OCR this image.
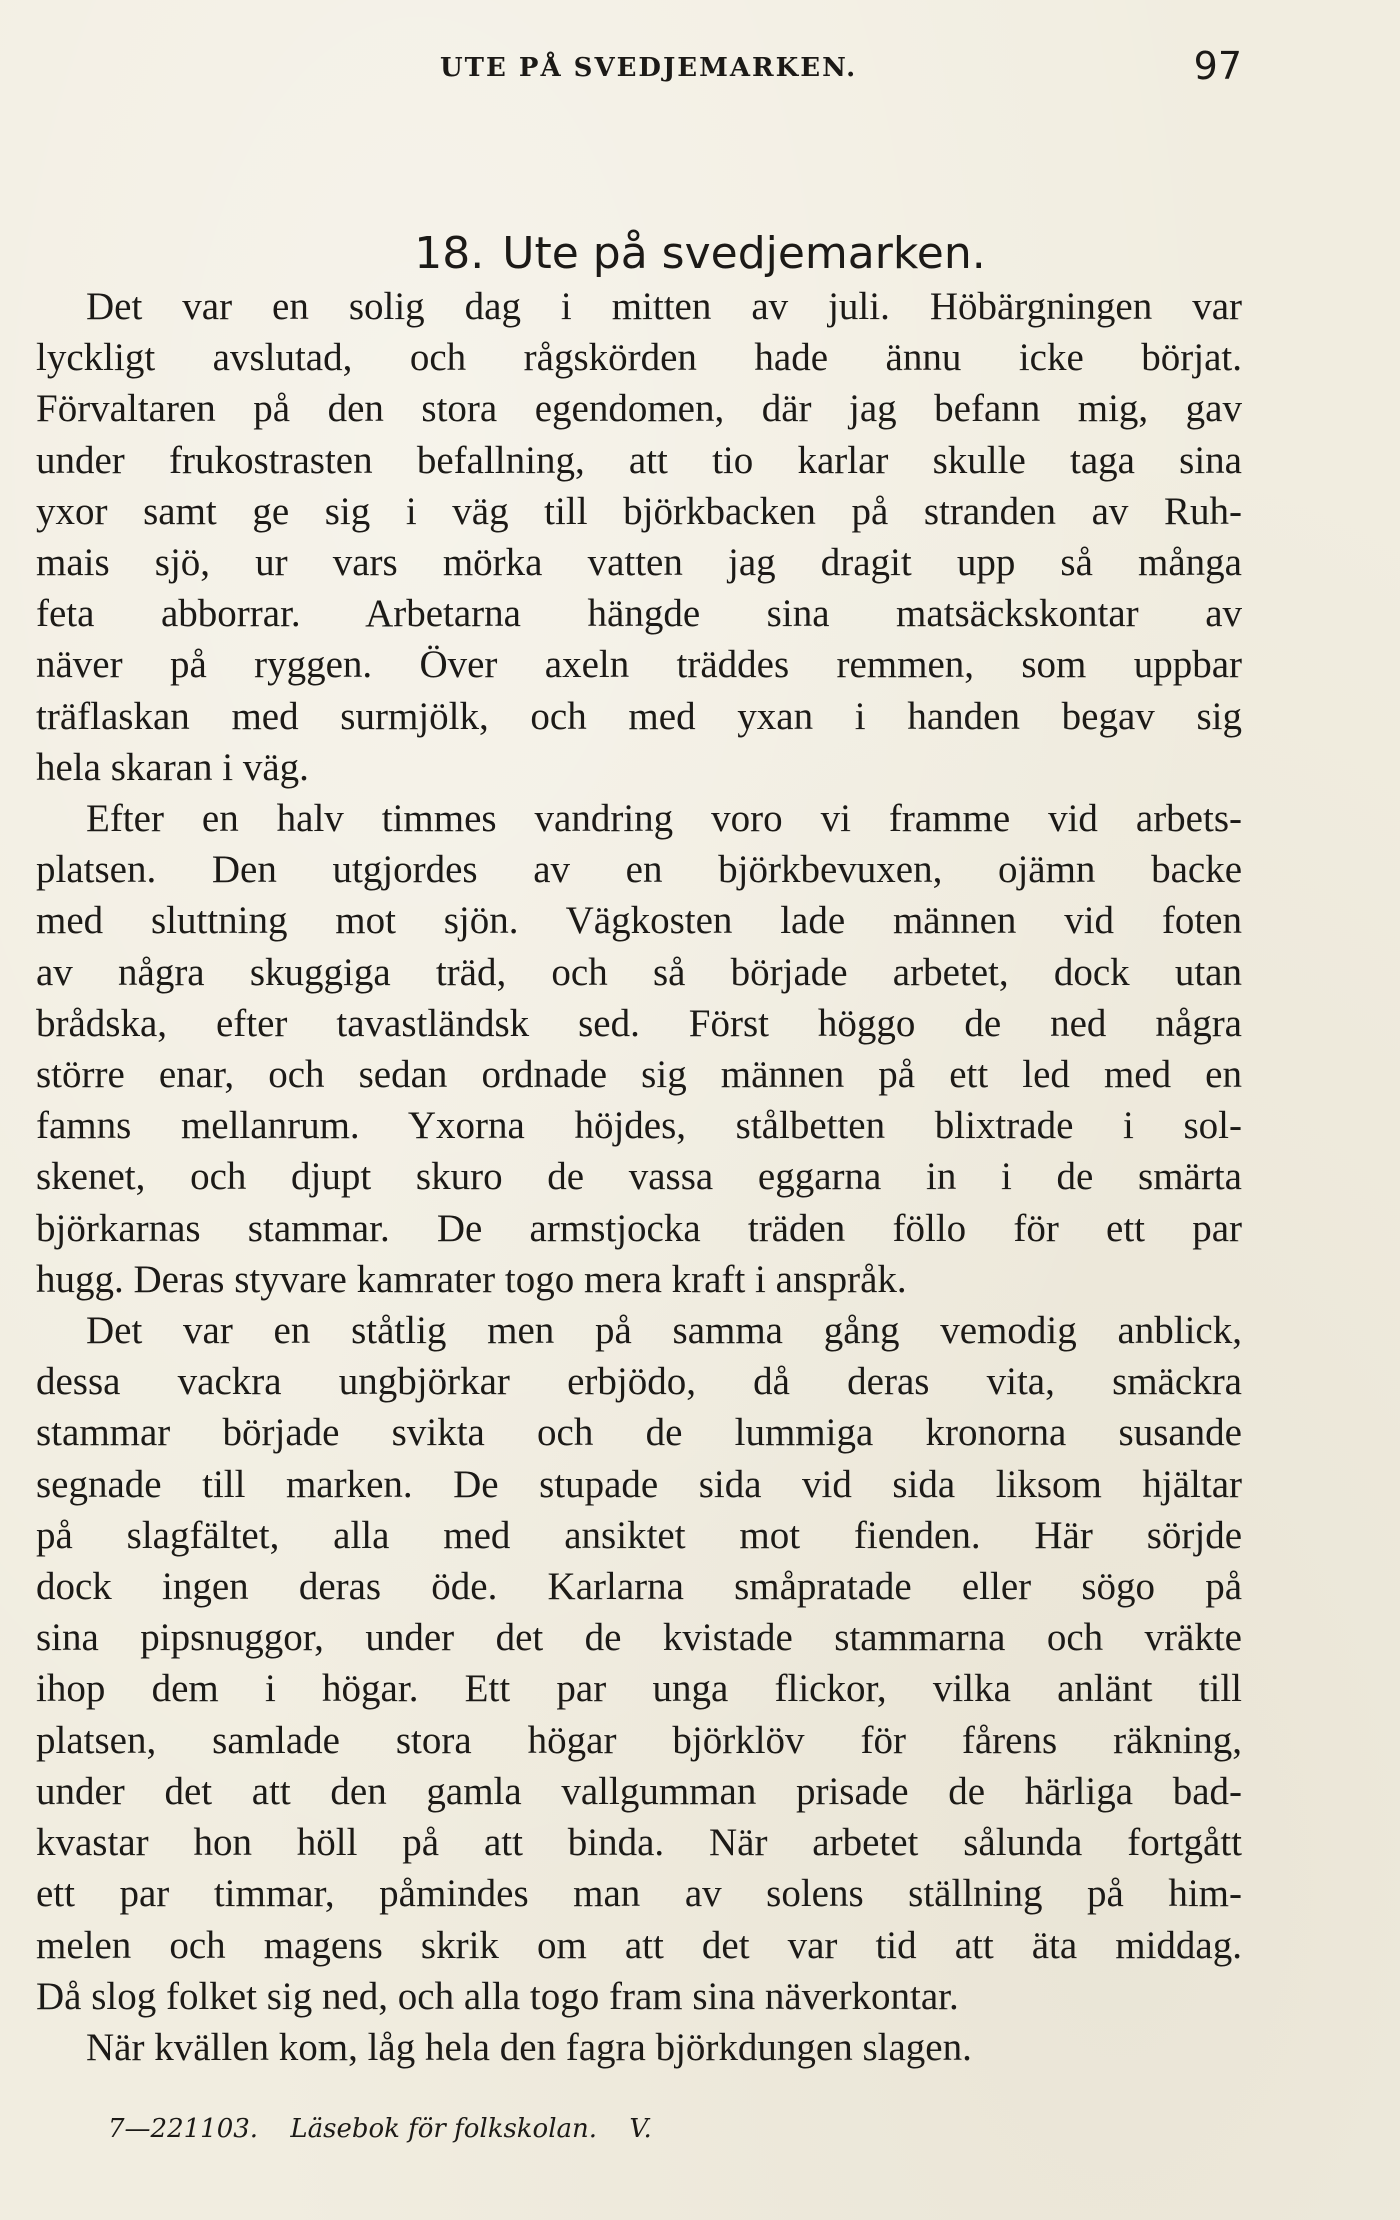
UTE PÅ SVEDJEMARKEN.	97
18. Ute på svedjemarken.
Det var en solig dag i mitten av juli. Höbärgningen var
lyckligt avslutad, och rågskörden hade ännu icke börjat.
Förvaltaren på den stora egendomen, där jag befann mig, gav
under frukostrasten befallning, att tio karlar skulle taga sina
yxor samt ge sig i väg till björkbacken på stranden av Ruh-
mais sjö, ur vars mörka vatten jag dragit upp så många
feta abborrar. Arbetarna hängde sina matsäckskontar av
näver på ryggen. Över axeln träddes remmen, som uppbar
träflaskan med surmjölk, och med yxan i handen begav sig
hela skaran i väg.
Efter en halv timmes vandring voro vi framme vid arbets-
platsen. Den utgjordes av en björkbevuxen, ojämn backe
med sluttning mot sjön. Vägkosten lade männen vid foten
av några skuggiga träd, och så började arbetet, dock utan
brådska, efter tavastländsk sed. Först höggo de ned några
större enar, och sedan ordnade sig männen på ett led med en
famns mellanrum. Yxorna höjdes, stålbetten blixtrade i sol-
skenet, och djupt skuro de vassa eggarna in i de smärta
björkarnas stammar. De armstjocka träden föllo för ett par
hugg. Deras styvare kamrater togo mera kraft i anspråk.
Det var en ståtlig men på samma gång vemodig anblick,
dessa vackra ungbjörkar erbjödo, då deras vita, smäckra
stammar började svikta och de lummiga kronorna susande
segnade till marken. De stupade sida vid sida liksom hjältar
på slagfältet, alla med ansiktet mot fienden. Här sörjde
dock ingen deras öde. Karlarna småpratade eller sögo på
sina pipsnuggor, under det de kvistade stammarna och vräkte
ihop dem i högar. Ett par unga flickor, vilka anlänt till
platsen, samlade stora högar björklöv för fårens räkning,
under det att den gamla vallgumman prisade de härliga bad-
kvastar hon höll på att binda. När arbetet sålunda fortgått
ett par timmar, påmindes man av solens ställning på him-
melen och magens skrik om att det var tid att äta middag.
Då slog folket sig ned, och alla togo fram sina näverkontar.
När kvällen kom, låg hela den fagra björkdungen slagen.
7—221103. Läsebok för folkskolan. V.
